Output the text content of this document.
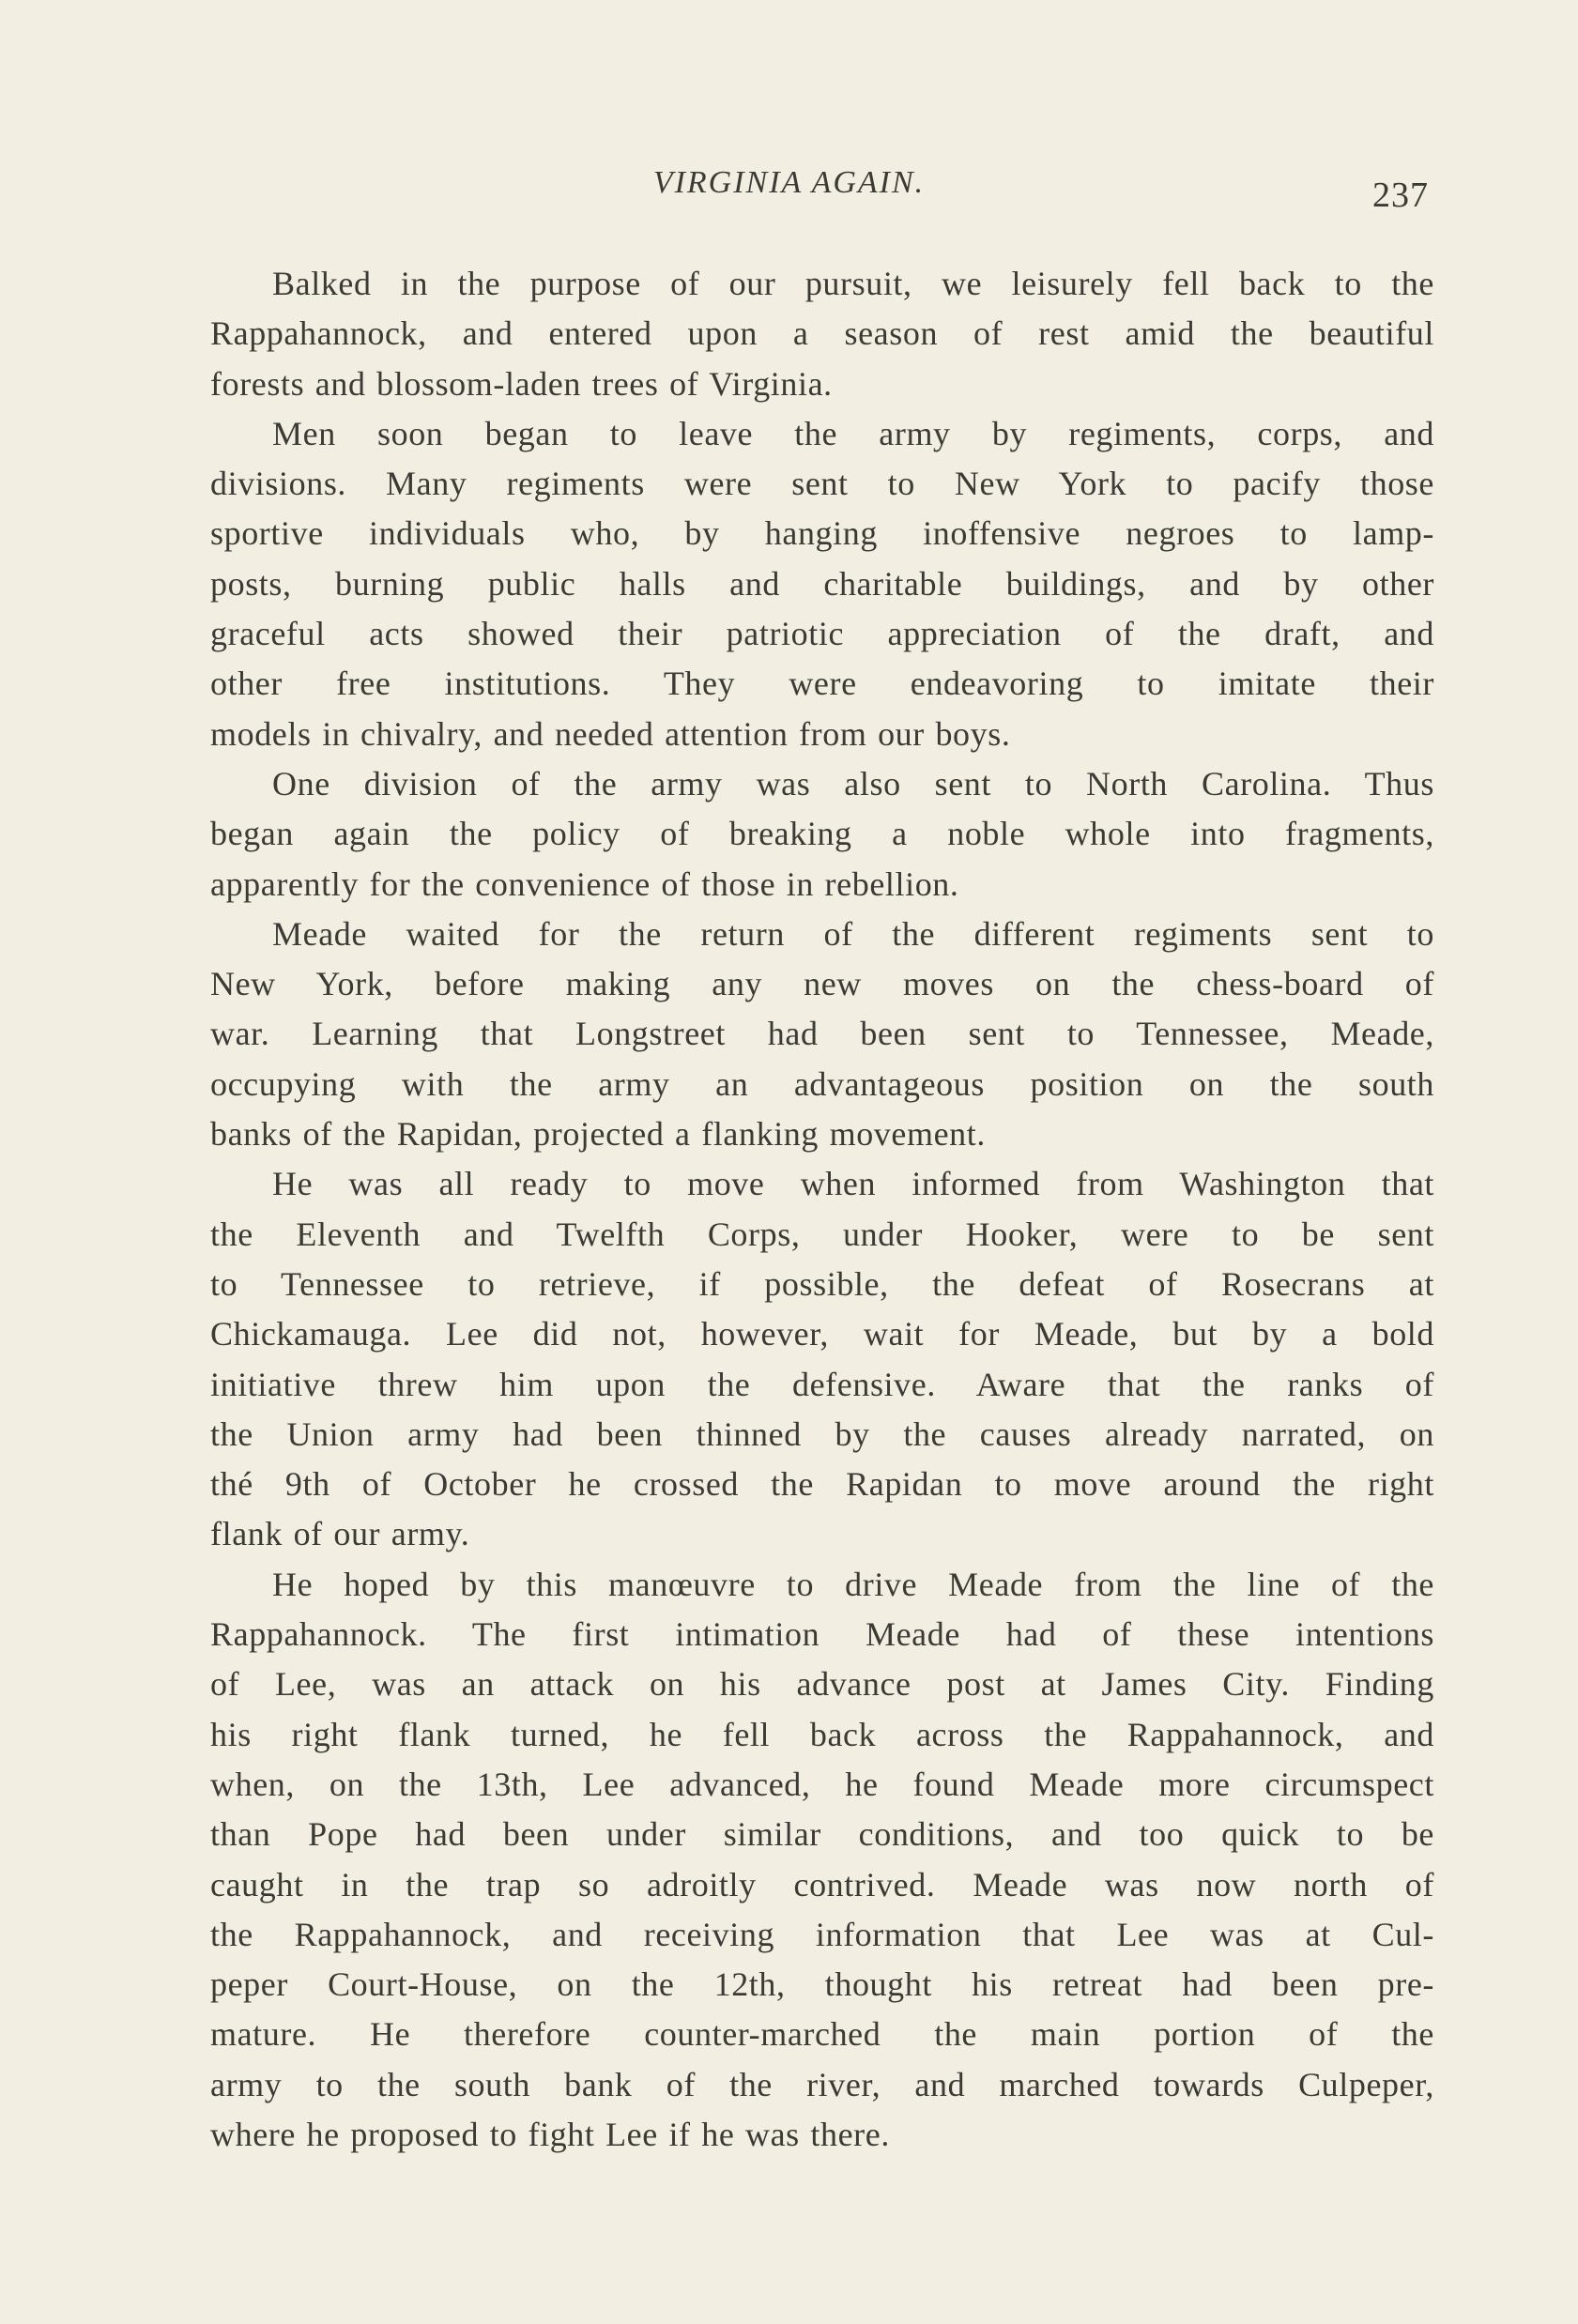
VIRGINIA AGAIN.	237
Balked in the purpose of our pursuit, we leisurely fell back to the
Rappahannock, and entered upon a season of rest amid the beautiful
forests and blossom-laden trees of Virginia.
Men soon began to leave the army by regiments, corps, and
divisions. Many regiments were sent to New York to pacify those
sportive individuals who, by hanging inoffensive negroes to lamp-
posts, burning public halls and charitable buildings, and by other
graceful acts showed their patriotic appreciation of the draft, and
other free institutions. They were endeavoring to imitate their
models in chivalry, and needed attention from our boys.
One division of the army was also sent to North Carolina. Thus
began again the policy of breaking a noble whole into fragments,
apparently for the convenience of those in rebellion.
Meade waited for the return of the different regiments sent to
New York, before making any new moves on the chess-board of
war. Learning that Longstreet had been sent to Tennessee, Meade,
occupying with the army an advantageous position on the south
banks of the Rapidan, projected a flanking movement.
He was all ready to move when informed from Washington that
the Eleventh and Twelfth Corps, under Hooker, were to be sent
to Tennessee to retrieve, if possible, the defeat of Rosecrans at
Chickamauga. Lee did not, however, wait for Meade, but by a bold
initiative threw him upon the defensive. Aware that the ranks of
the Union army had been thinned by the causes already narrated, on
thé 9th of October he crossed the Rapidan to move around the right
flank of our army.
He hoped by this manœuvre to drive Meade from the line of the
Rappahannock. The first intimation Meade had of these intentions
of Lee, was an attack on his advance post at James City. Finding
his right flank turned, he fell back across the Rappahannock, and
when, on the 13th, Lee advanced, he found Meade more circumspect
than Pope had been under similar conditions, and too quick to be
caught in the trap so adroitly contrived. Meade was now north of
the Rappahannock, and receiving information that Lee was at Cul-
peper Court-House, on the 12th, thought his retreat had been pre-
mature. He therefore counter-marched the main portion of the
army to the south bank of the river, and marched towards Culpeper,
where he proposed to fight Lee if he was there.
